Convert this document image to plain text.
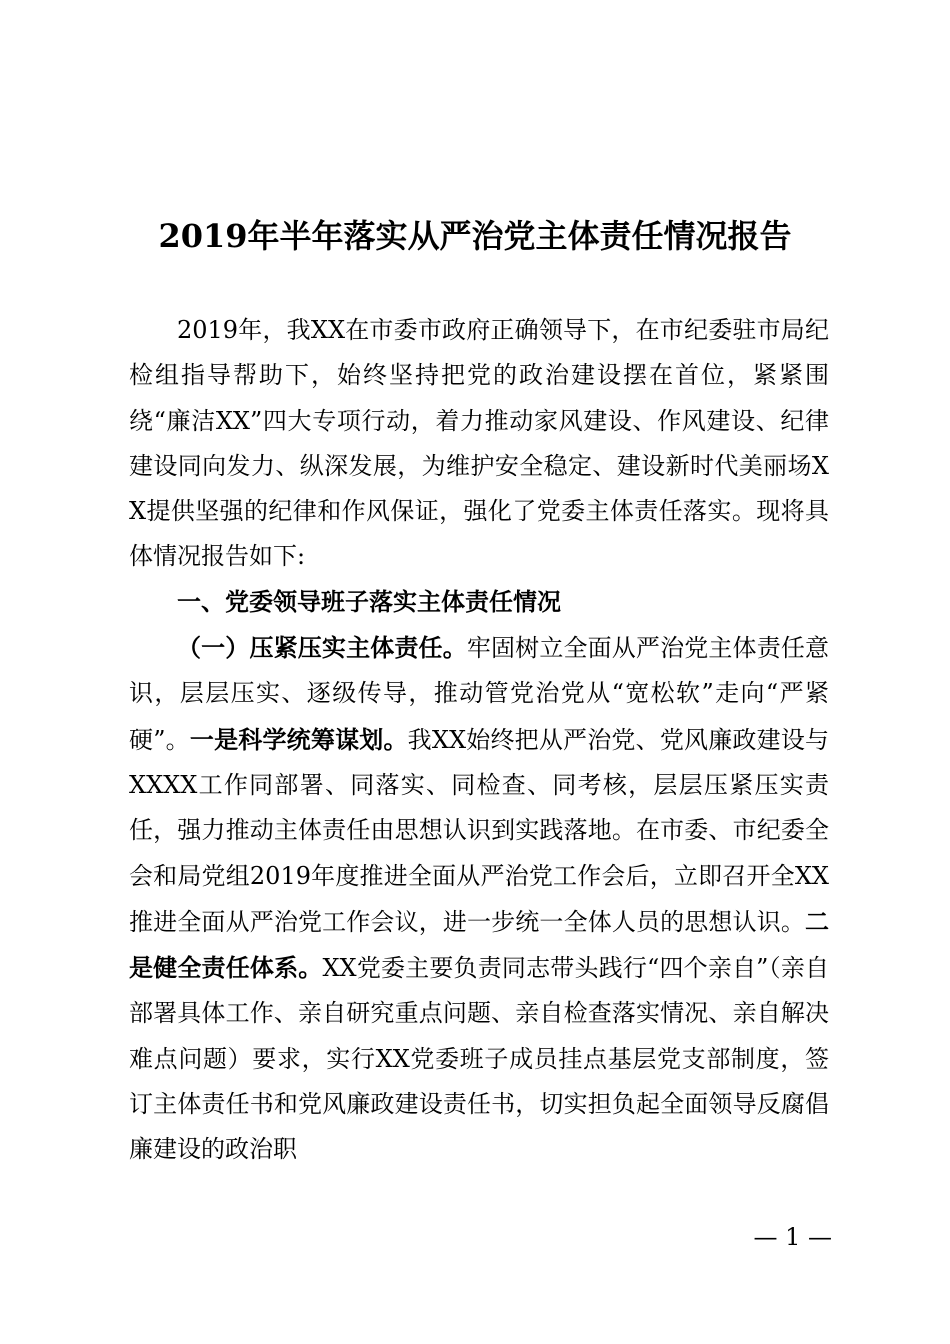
2019年半年落实从严治党主体责任情况报告

2019年，我XX在市委市政府正确领导下，在市纪委驻市局纪检组指导帮助下，始终坚持把党的政治建设摆在首位，紧紧围绕“廉洁XX”四大专项行动，着力推动家风建设、作风建设、纪律建设同向发力、纵深发展，为维护安全稳定、建设新时代美丽场XX提供坚强的纪律和作风保证，强化了党委主体责任落实。现将具体情况报告如下:

一、党委领导班子落实主体责任情况

（一）压紧压实主体责任。牢固树立全面从严治党主体责任意识，层层压实、逐级传导，推动管党治党从“宽松软”走向“严紧硬”。一是科学统筹谋划。我XX始终把从严治党、党风廉政建设与XXXX工作同部署、同落实、同检查、同考核，层层压紧压实责任，强力推动主体责任由思想认识到实践落地。在市委、市纪委全会和局党组2019年度推进全面从严治党工作会后，立即召开全XX推进全面从严治党工作会议，进一步统一全体人员的思想认识。二是健全责任体系。XX党委主要负责同志带头践行“四个亲自”（亲自部署具体工作、亲自研究重点问题、亲自检查落实情况、亲自解决难点问题）要求，实行XX党委班子成员挂点基层党支部制度，签订主体责任书和党风廉政建设责任书，切实担负起全面领导反腐倡廉建设的政治职

— 1 —
